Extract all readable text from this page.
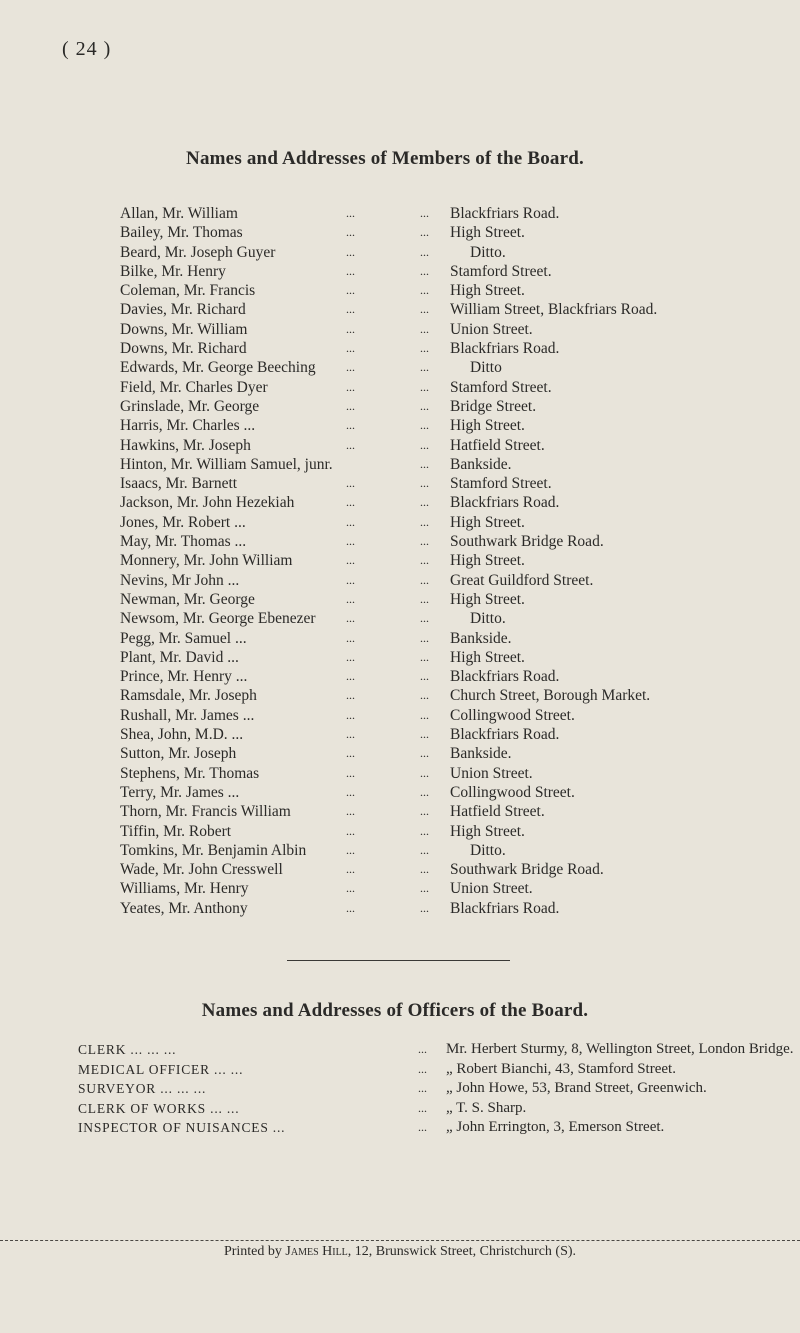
( 24 )
Names and Addresses of Members of the Board.
Allan, Mr. William	...	... Blackfriars Road.
Bailey, Mr. Thomas	...	... High Street.
Beard, Mr. Joseph Guyer	...	...	Ditto.
Bilke, Mr. Henry	...	... Stamford Street.
Coleman, Mr. Francis	...	... High Street.
Davies, Mr. Richard	...	... William Street, Blackfriars Road.
Downs, Mr. William	...	... Union Street.
Downs, Mr. Richard	...	... Blackfriars Road.
Edwards, Mr. George Beeching	...	...	Ditto
Field, Mr. Charles Dyer	...	... Stamford Street.
Grinslade, Mr. George	...	... Bridge Street.
Harris, Mr. Charles ...	...	... High Street.
Hawkins, Mr. Joseph	...	... Hatfield Street.
Hinton, Mr. William Samuel, junr.	... Bankside.
Isaacs, Mr. Barnett	...	... Stamford Street.
Jackson, Mr. John Hezekiah	...	... Blackfriars Road.
Jones, Mr. Robert ...	...	... High Street.
May, Mr. Thomas ...	...	... Southwark Bridge Road.
Monnery, Mr. John William	...	... High Street.
Nevins, Mr John ...	...	... Great Guildford Street.
Newman, Mr. George	...	... High Street.
Newsom, Mr. George Ebenezer	...	...	Ditto.
Pegg, Mr. Samuel ...	...	... Bankside.
Plant, Mr. David ...	...	... High Street.
Prince, Mr. Henry ...	...	... Blackfriars Road.
Ramsdale, Mr. Joseph	...	... Church Street, Borough Market.
Rushall, Mr. James ...	...	... Collingwood Street.
Shea, John, M.D. ...	...	... Blackfriars Road.
Sutton, Mr. Joseph	...	... Bankside.
Stephens, Mr. Thomas	...	... Union Street.
Terry, Mr. James ...	...	... Collingwood Street.
Thorn, Mr. Francis William	...	... Hatfield Street.
Tiffin, Mr. Robert	...	... High Street.
Tomkins, Mr. Benjamin Albin	...	...	Ditto.
Wade, Mr. John Cresswell	...	... Southwark Bridge Road.
Williams, Mr. Henry	...	... Union Street.
Yeates, Mr. Anthony	...	... Blackfriars Road.
Names and Addresses of Officers of the Board.
CLERK ... ... ...	... Mr. Herbert Sturmy, 8, Wellington Street, London Bridge.
MEDICAL OFFICER ... ...	... „ Robert Bianchi, 43, Stamford Street.
SURVEYOR ... ... ...	... „ John Howe, 53, Brand Street, Greenwich.
CLERK OF WORKS ... ...	... „ T. S. Sharp.
INSPECTOR OF NUISANCES ...	... „ John Errington, 3, Emerson Street.
Printed by James Hill, 12, Brunswick Street, Christchurch (S).
